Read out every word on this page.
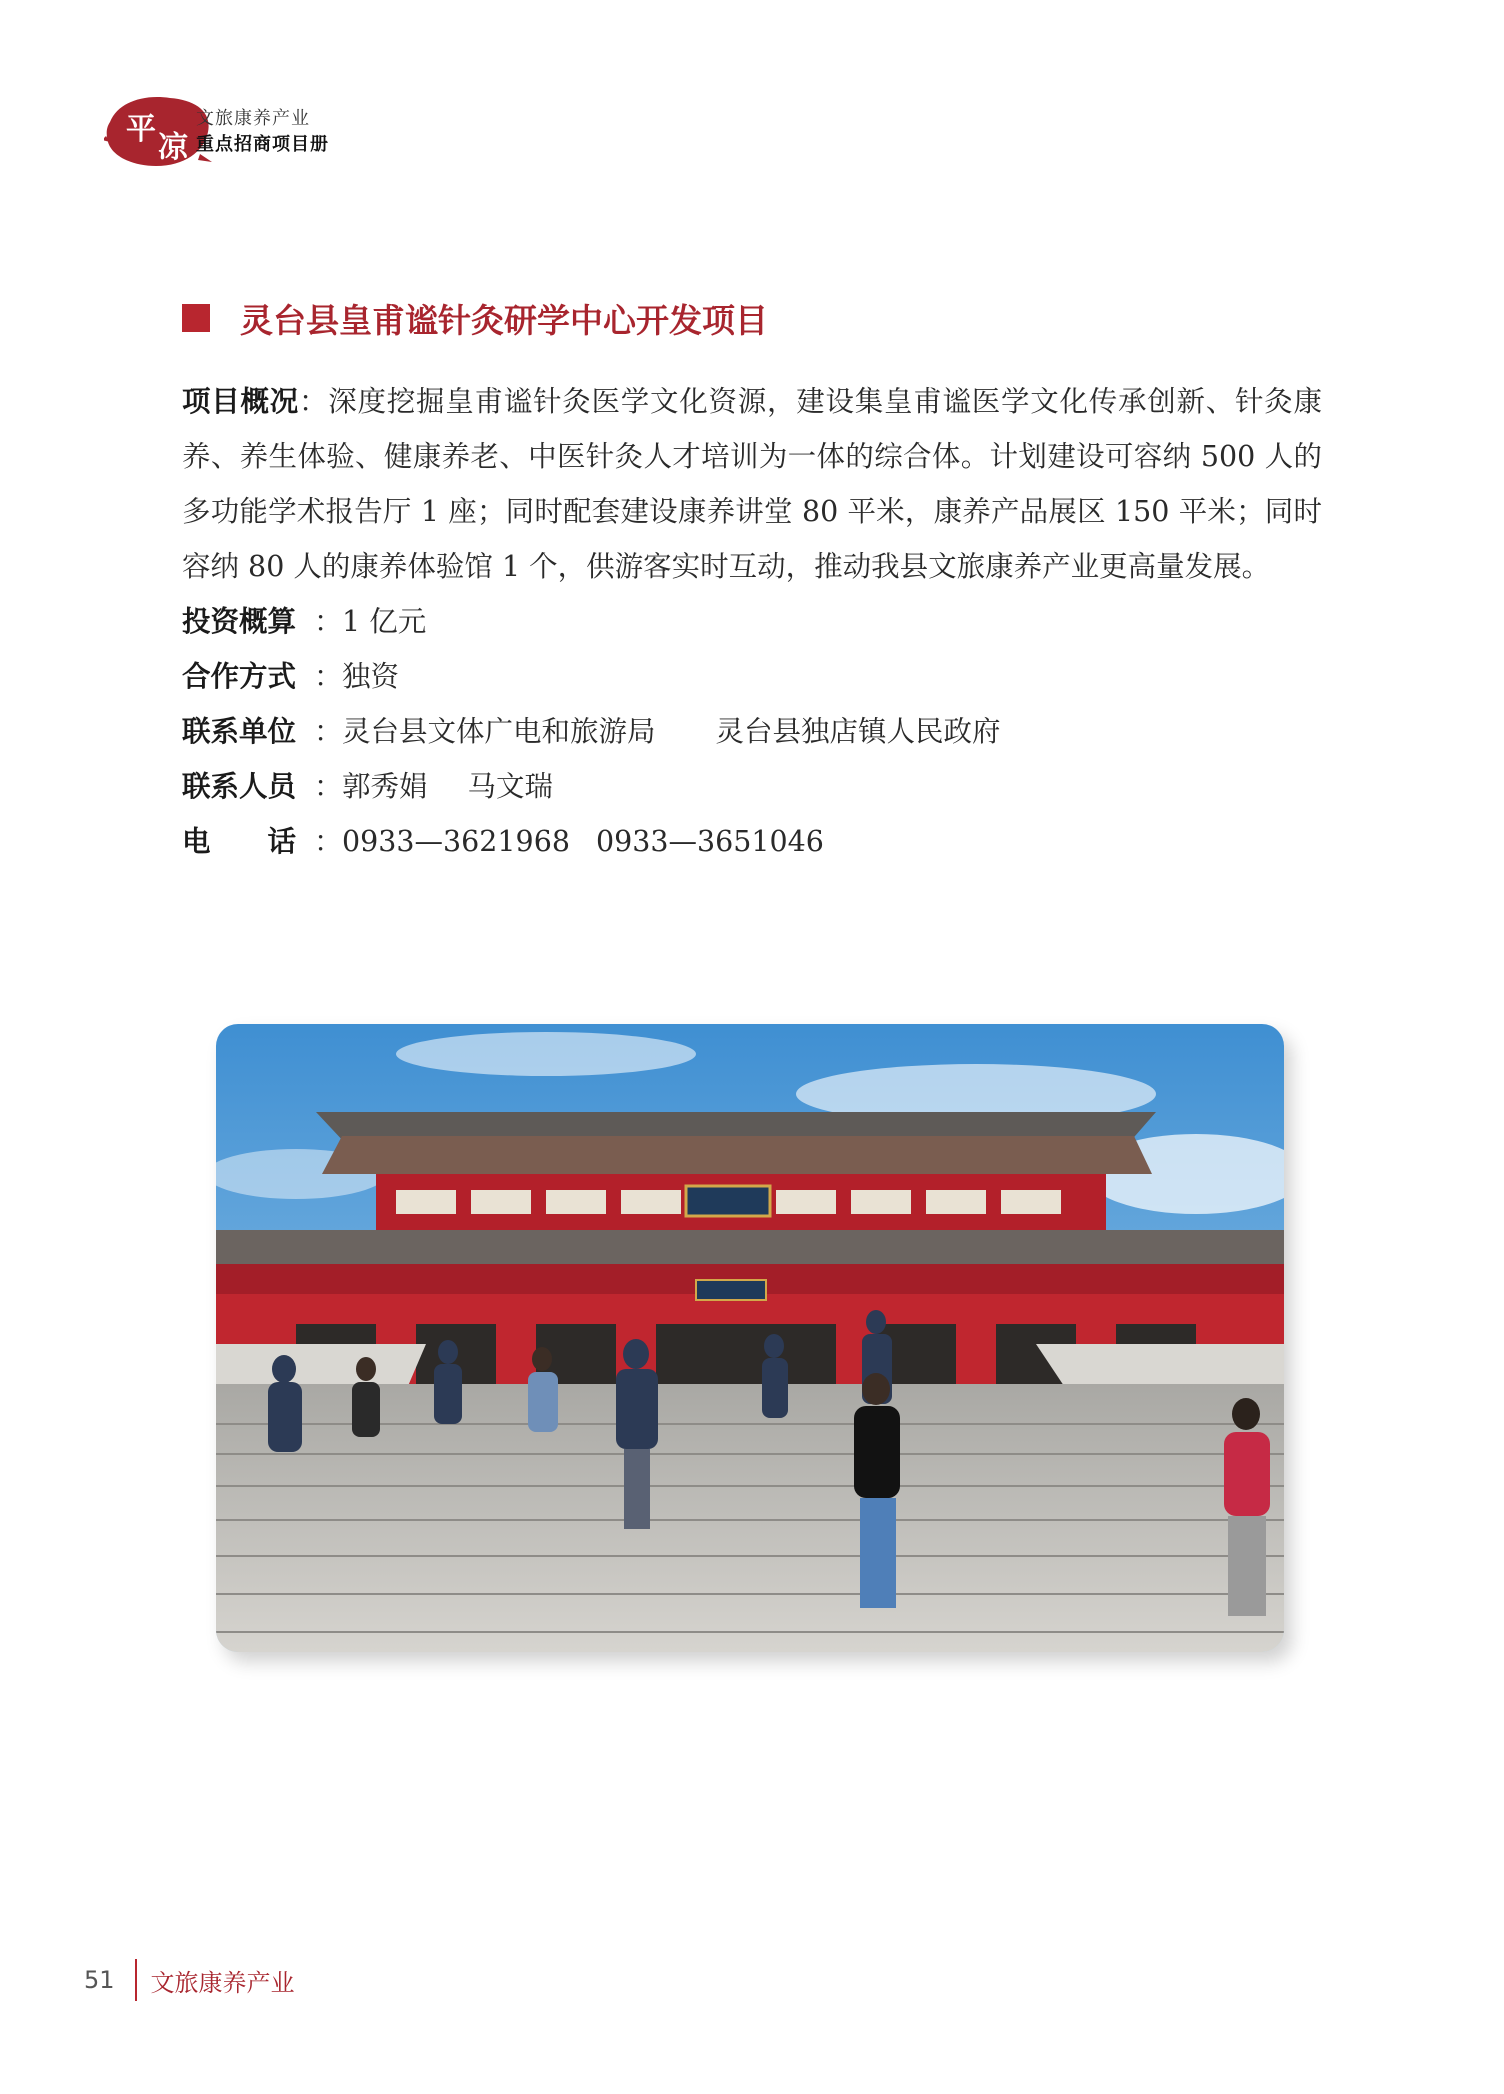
平
凉
文旅康养产业
重点招商项目册
灵台县皇甫谧针灸研学中心开发项目

项目概况：深度挖掘皇甫谧针灸医学文化资源，建设集皇甫谧医学文化传承创新、针灸康养、养生体验、健康养老、中医针灸人才培训为一体的综合体。计划建设可容纳 500 人的多功能学术报告厅 1 座；同时配套建设康养讲堂 80 平米，康养产品展区 150 平米；同时容纳 80 人的康养体验馆 1 个，供游客实时互动，推动我县文旅康养产业更高量发展。

投资概算 ： 1 亿元
合作方式 ： 独资
联系单位 ： 灵台县文体广电和旅游局 灵台县独店镇人民政府
联系人员 ： 郭秀娟 马文瑞
电　　话 ： 0933—3621968 0933—3651046
51 文旅康养产业
